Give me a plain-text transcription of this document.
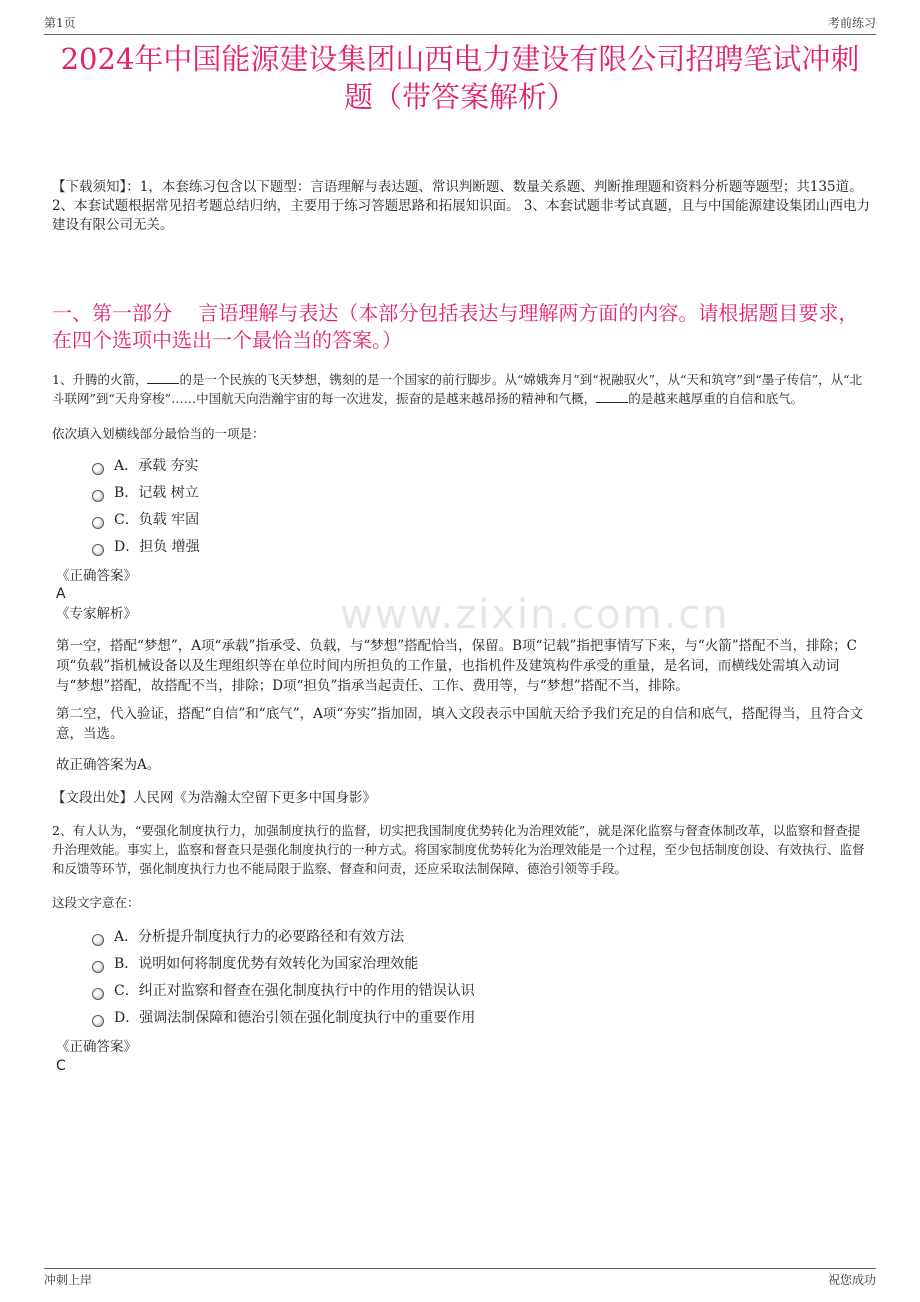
第1页	考前练习
www.zixin.com.cn
2024年中国能源建设集团山西电力建设有限公司招聘笔试冲刺题（带答案解析）

【下载须知】：1，本套练习包含以下题型：言语理解与表达题、常识判断题、数量关系题、判断推理题和资料分析题等题型；共135道。 2、本套试题根据常见招考题总结归纳，主要用于练习答题思路和拓展知识面。 3、本套试题非考试真题，且与中国能源建设集团山西电力建设有限公司无关。

一、第一部分　 言语理解与表达（本部分包括表达与理解两方面的内容。请根据题目要求，在四个选项中选出一个最恰当的答案。）

1、升腾的火箭，	的是一个民族的飞天梦想，镌刻的是一个国家的前行脚步。从“嫦娥奔月”到“祝融驭火”，从“天和筑穹”到“墨子传信”，从“北斗联网”到“天舟穿梭”……中国航天向浩瀚宇宙的每一次进发，振奋的是越来越昂扬的精神和气概，	的是越来越厚重的自信和底气。

依次填入划横线部分最恰当的一项是：

A．承载 夯实
B．记载 树立
C．负载 牢固
D．担负 增强
《正确答案》
A
《专家解析》

第一空，搭配“梦想”，A项“承载”指承受、负载，与“梦想”搭配恰当，保留。B项“记载”指把事情写下来，与“火箭”搭配不当，排除；C项“负载”指机械设备以及生理组织等在单位时间内所担负的工作量，也指机件及建筑构件承受的重量，是名词，而横线处需填入动词与“梦想”搭配，故搭配不当，排除；D项“担负”指承当起责任、工作、费用等，与“梦想”搭配不当，排除。

第二空，代入验证，搭配“自信”和“底气”，A项“夯实”指加固，填入文段表示中国航天给予我们充足的自信和底气，搭配得当，且符合文意，当选。

故正确答案为A。

【文段出处】人民网《为浩瀚太空留下更多中国身影》

2、有人认为，“要强化制度执行力，加强制度执行的监督，切实把我国制度优势转化为治理效能”，就是深化监察与督查体制改革，以监察和督查提升治理效能。事实上，监察和督查只是强化制度执行的一种方式。将国家制度优势转化为治理效能是一个过程，至少包括制度创设、有效执行、监督和反馈等环节，强化制度执行力也不能局限于监察、督查和问责，还应采取法制保障、德治引领等手段。

这段文字意在：

A．分析提升制度执行力的必要路径和有效方法
B．说明如何将制度优势有效转化为国家治理效能
C．纠正对监察和督查在强化制度执行中的作用的错误认识
D．强调法制保障和德治引领在强化制度执行中的重要作用
《正确答案》
C
冲刺上岸	祝您成功
